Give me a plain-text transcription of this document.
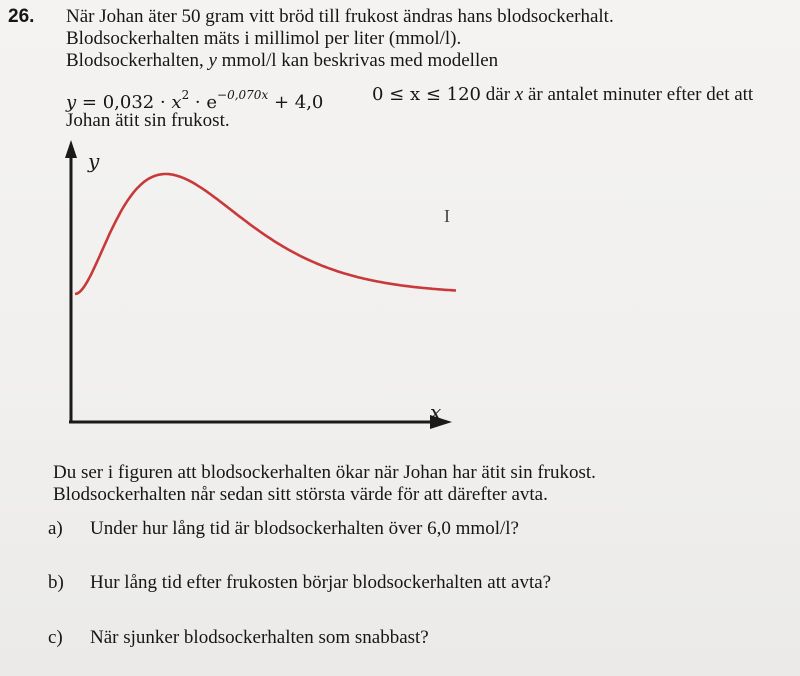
26. När Johan äter 50 gram vitt bröd till frukost ändras hans blodsockerhalt.
Blodsockerhalten mäts i millimol per liter (mmol/l).
Blodsockerhalten, y mmol/l kan beskrivas med modellen
$y = 0,032 \cdot x^2 \cdot e^{-0,070x} + 4,0$	0 ≤ x ≤ 120 där x är antalet minuter efter det att
Johan ätit sin frukost.
y
x
I
Du ser i figuren att blodsockerhalten ökar när Johan har ätit sin frukost.
Blodsockerhalten når sedan sitt största värde för att därefter avta.
a) Under hur lång tid är blodsockerhalten över 6,0 mmol/l?
b) Hur lång tid efter frukosten börjar blodsockerhalten att avta?
c) När sjunker blodsockerhalten som snabbast?
